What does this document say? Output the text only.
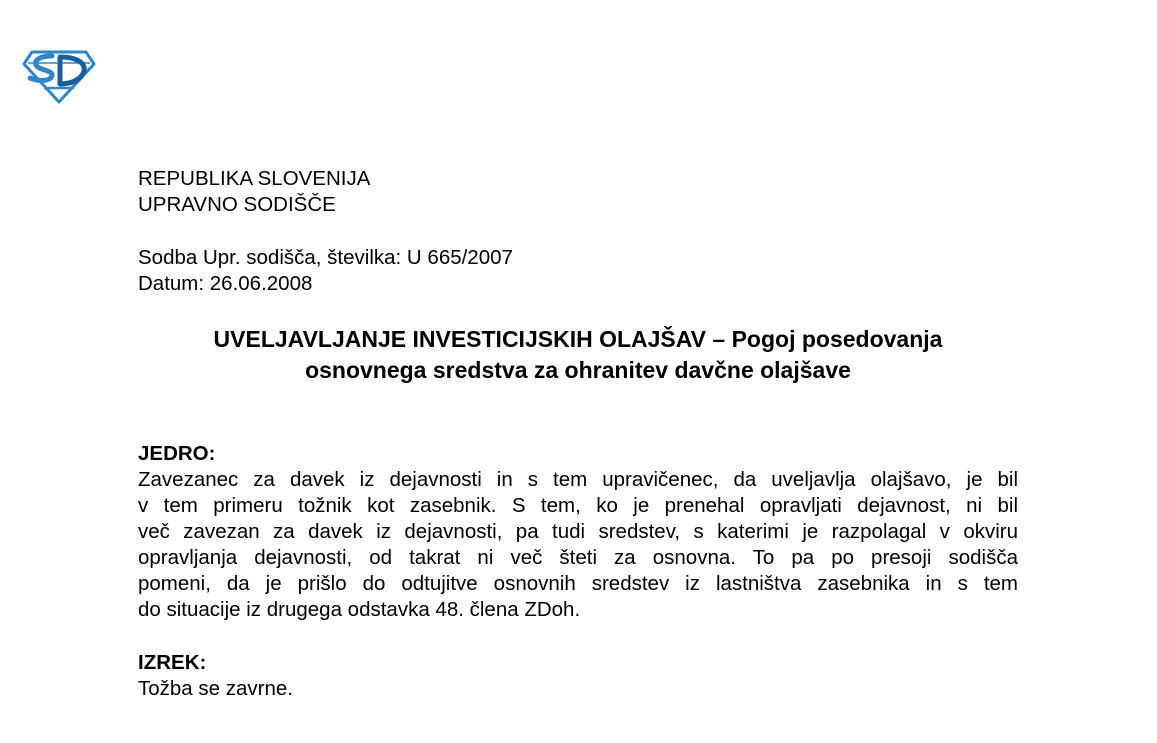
REPUBLIKA SLOVENIJA
UPRAVNO SODIŠČE
Sodba Upr. sodišča, številka: U 665/2007
Datum: 26.06.2008
UVELJAVLJANJE INVESTICIJSKIH OLAJŠAV – Pogoj posedovanja
osnovnega sredstva za ohranitev davčne olajšave
JEDRO:
Zavezanec za davek iz dejavnosti in s tem upravičenec, da uveljavlja olajšavo, je bil
v tem primeru tožnik kot zasebnik. S tem, ko je prenehal opravljati dejavnost, ni bil
več zavezan za davek iz dejavnosti, pa tudi sredstev, s katerimi je razpolagal v okviru
opravljanja dejavnosti, od takrat ni več šteti za osnovna. To pa po presoji sodišča
pomeni, da je prišlo do odtujitve osnovnih sredstev iz lastništva zasebnika in s tem
do situacije iz drugega odstavka 48. člena ZDoh.
IZREK:
Tožba se zavrne.
